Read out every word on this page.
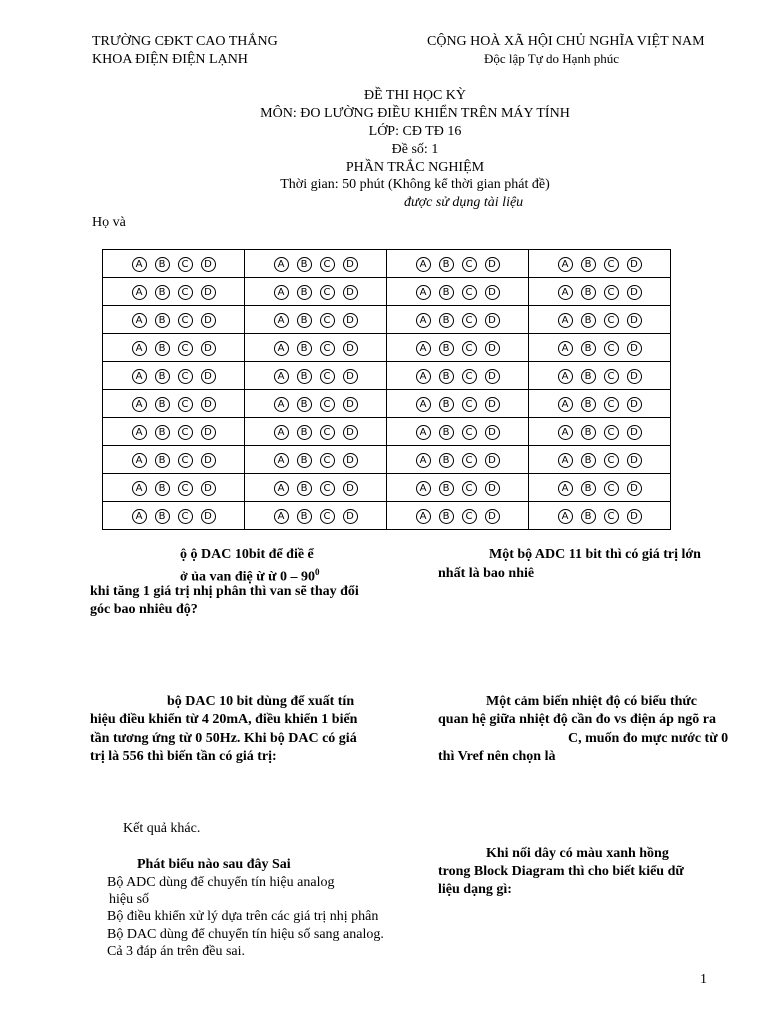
TRƯỜNG CĐKT CAO THẮNG
KHOA ĐIỆN ĐIỆN LẠNH
CỘNG HOÀ XÃ HỘI CHỦ NGHĨA VIỆT NAM
Độc lập Tự do Hạnh phúc
ĐỀ THI HỌC KỲ
MÔN: ĐO LƯỜNG ĐIỀU KHIỂN TRÊN MÁY TÍNH
LỚP: CĐ TĐ 16
Đề số: 1
PHẦN TRẮC NGHIỆM
Thời gian: 50 phút (Không kể thời gian phát đề)
được sử dụng tài liệu
Họ và
A B C D	A B C D	A B C D	A B C D
A B C D	A B C D	A B C D	A B C D
A B C D	A B C D	A B C D	A B C D
A B C D	A B C D	A B C D	A B C D
A B C D	A B C D	A B C D	A B C D
A B C D	A B C D	A B C D	A B C D
A B C D	A B C D	A B C D	A B C D
A B C D	A B C D	A B C D	A B C D
A B C D	A B C D	A B C D	A B C D
A B C D	A B C D	A B C D	A B C D
ộ ộ DAC 10bit để điề ể
ở ủa van điệ ừ ừ $0 - 90^0$
khi tăng 1 giá trị nhị phân thì van sẽ thay đổi
góc bao nhiêu độ?
Một bộ ADC 11 bit thì có giá trị lớn
nhất là bao nhiê
bộ DAC 10 bit dùng để xuất tín
hiệu điều khiển từ 4 20mA, điều khiển 1 biến
tần tương ứng từ 0 50Hz. Khi bộ DAC có giá
trị là 556 thì biến tần có giá trị:
Kết quả khác.
Một cảm biến nhiệt độ có biểu thức
quan hệ giữa nhiệt độ cần đo vs điện áp ngõ ra
C, muốn đo mực nước từ 0
thì Vref nên chọn là
Phát biểu nào sau đây Sai
Bộ ADC dùng để chuyển tín hiệu analog
hiệu số
Bộ điều khiển xử lý dựa trên các giá trị nhị phân
Bộ DAC dùng để chuyển tín hiệu số sang analog.
Cả 3 đáp án trên đều sai.
Khi nối dây có màu xanh hồng
trong Block Diagram thì cho biết kiểu dữ
liệu dạng gì:
1
